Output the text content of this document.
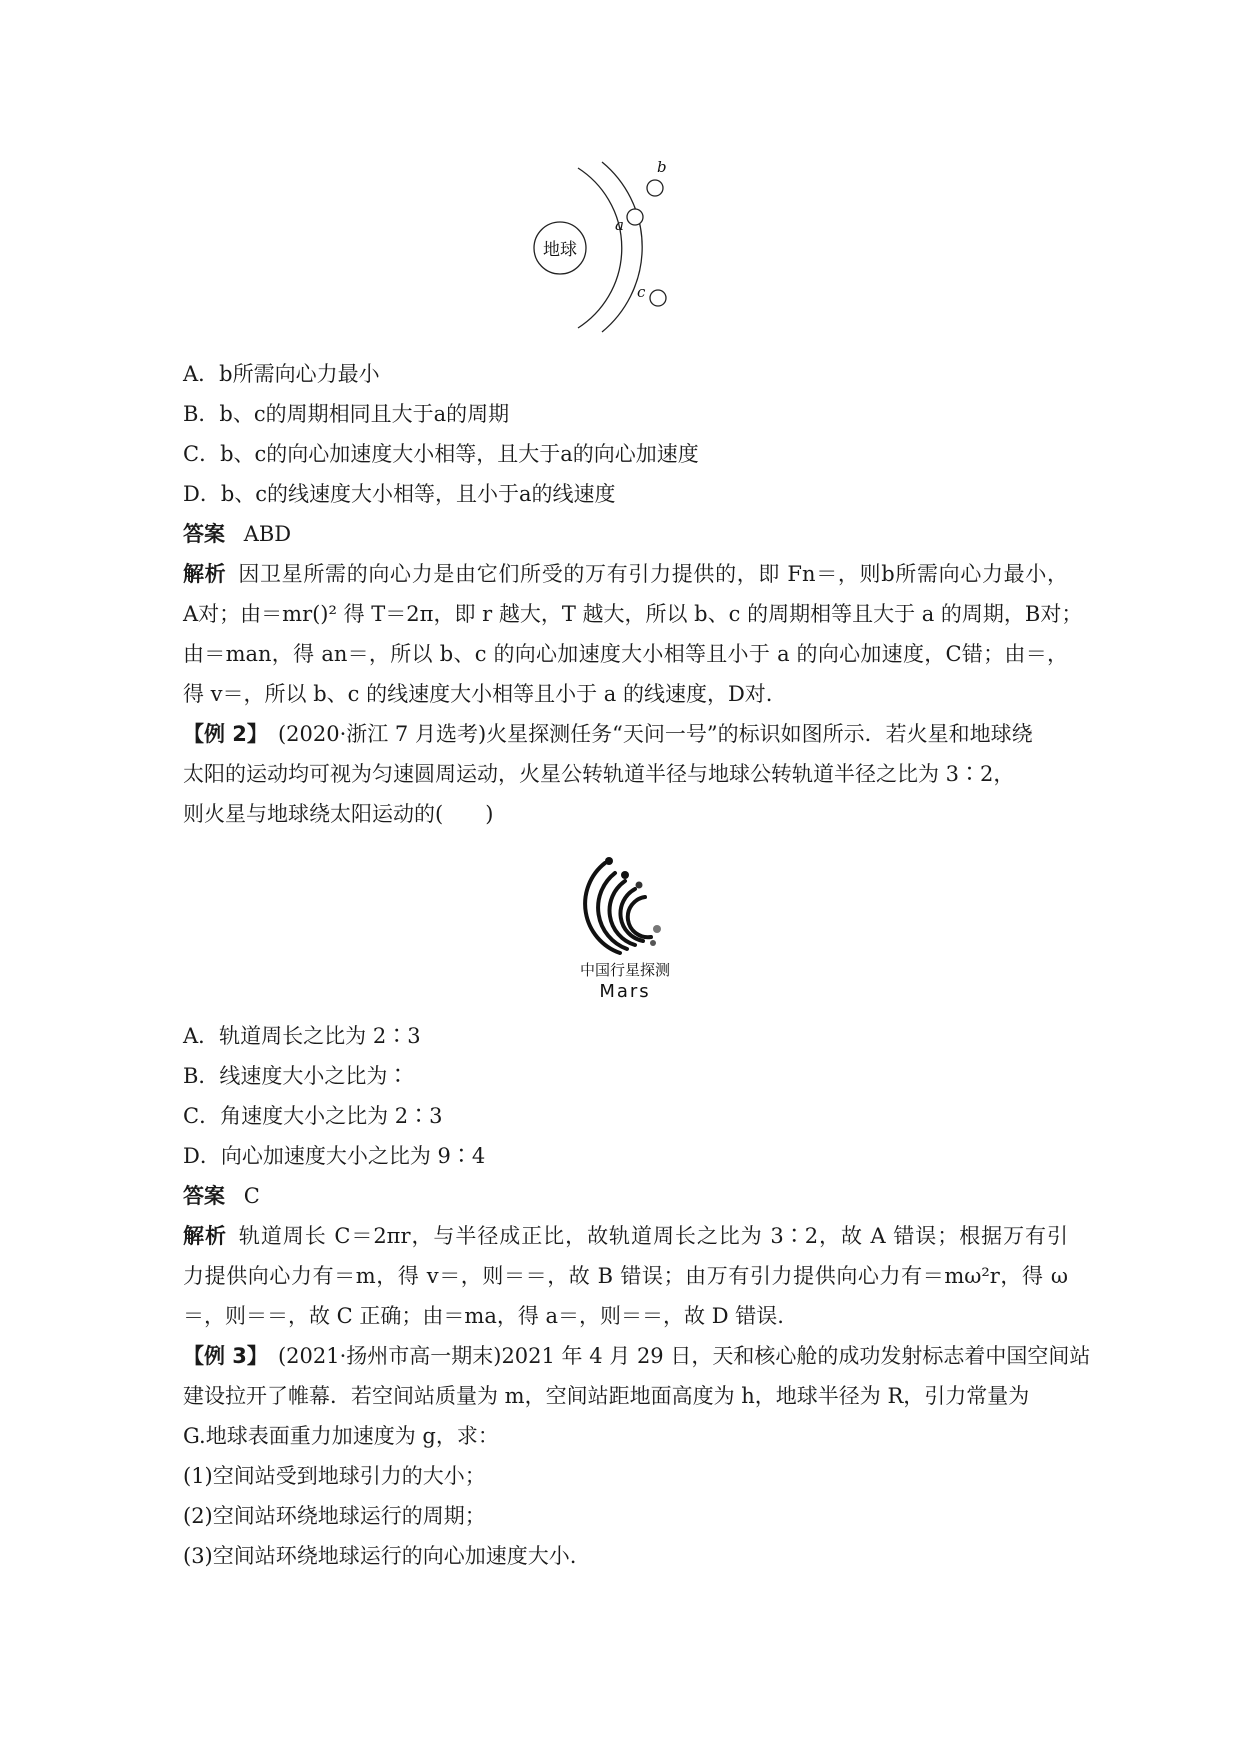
地球
a
b
c
A．b所需向心力最小
B．b、c的周期相同且大于a的周期
C．b、c的向心加速度大小相等，且大于a的向心加速度
D．b、c的线速度大小相等，且小于a的线速度
答案 ABD
解析 因卫星所需的向心力是由它们所受的万有引力提供的，即 Fn＝，则b所需向心力最小，
A对；由＝mr()² 得 T＝2π，即 r 越大，T 越大，所以 b、c 的周期相等且大于 a 的周期，B对；
由＝man，得 an＝，所以 b、c 的向心加速度大小相等且小于 a 的向心加速度，C错；由＝，
得 v＝，所以 b、c 的线速度大小相等且小于 a 的线速度，D对.
【例 2】 (2020·浙江 7 月选考)火星探测任务“天问一号”的标识如图所示．若火星和地球绕
太阳的运动均可视为匀速圆周运动，火星公转轨道半径与地球公转轨道半径之比为 3∶2，
则火星与地球绕太阳运动的(　　)
中国行星探测
Mars
A．轨道周长之比为 2∶3
B．线速度大小之比为∶
C．角速度大小之比为 2∶3
D．向心加速度大小之比为 9∶4
答案 C
解析 轨道周长 C＝2πr，与半径成正比，故轨道周长之比为 3∶2，故 A 错误；根据万有引
力提供向心力有＝m，得 v＝，则＝＝，故 B 错误；由万有引力提供向心力有＝mω²r，得 ω
＝，则＝＝，故 C 正确；由＝ma，得 a＝，则＝＝，故 D 错误.
【例 3】 (2021·扬州市高一期末)2021 年 4 月 29 日，天和核心舱的成功发射标志着中国空间站
建设拉开了帷幕．若空间站质量为 m，空间站距地面高度为 h，地球半径为 R，引力常量为
G.地球表面重力加速度为 g，求：
(1)空间站受到地球引力的大小；
(2)空间站环绕地球运行的周期；
(3)空间站环绕地球运行的向心加速度大小.
